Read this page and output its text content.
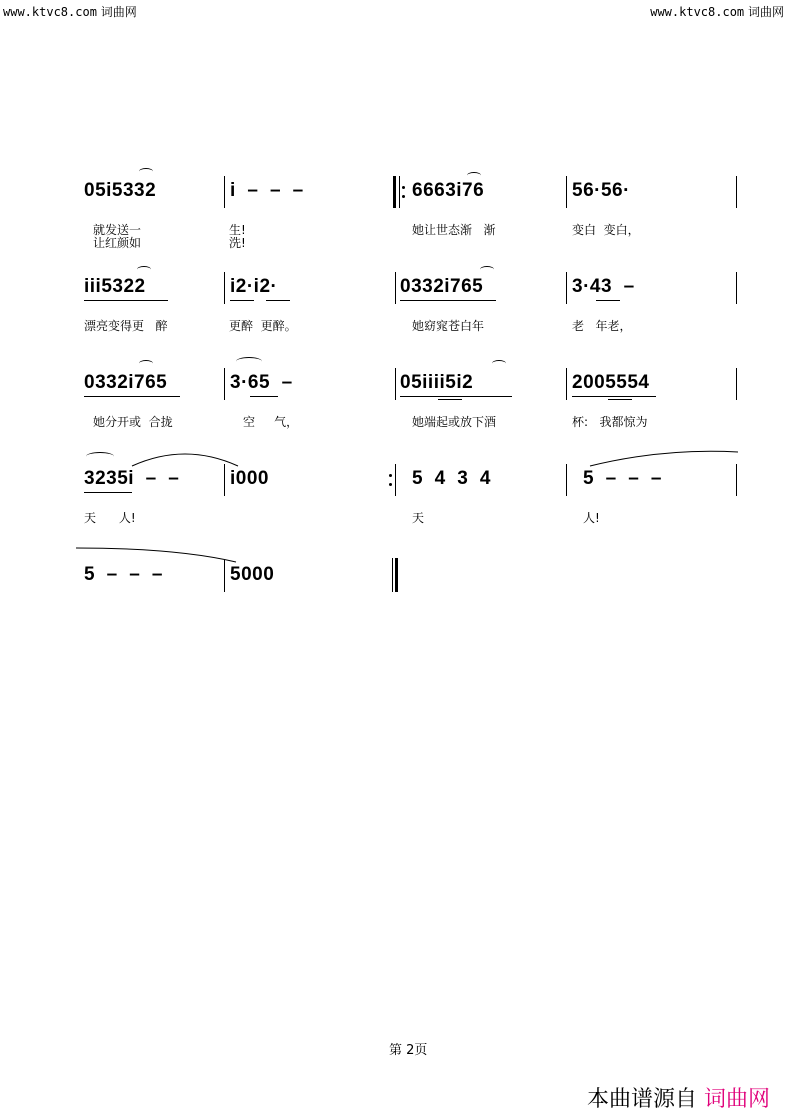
www.ktvc8.com 词曲网	www.ktvc8.com 词曲网
05i5332
就发送一
让红颜如
i  –  –  –
生!
洗!
6663i76
她让世态渐   渐
56·56·
变白  变白，
iii5322
漂亮变得更   醉
i2·i2·
更醉  更醉。
0332i765
她窈窕苍白年
3·43  –
老   年老，
0332i765
她分开或  合拢
3·65  –
空     气，
05iiii5i2
她端起或放下酒
2005554
杯:   我都惊为
3235i  –  –
天      人!
i000	5  4  3  4
天
5  –  –  –
人!
5  –  –  –	5000
第 2页
本曲谱源自 词曲网
